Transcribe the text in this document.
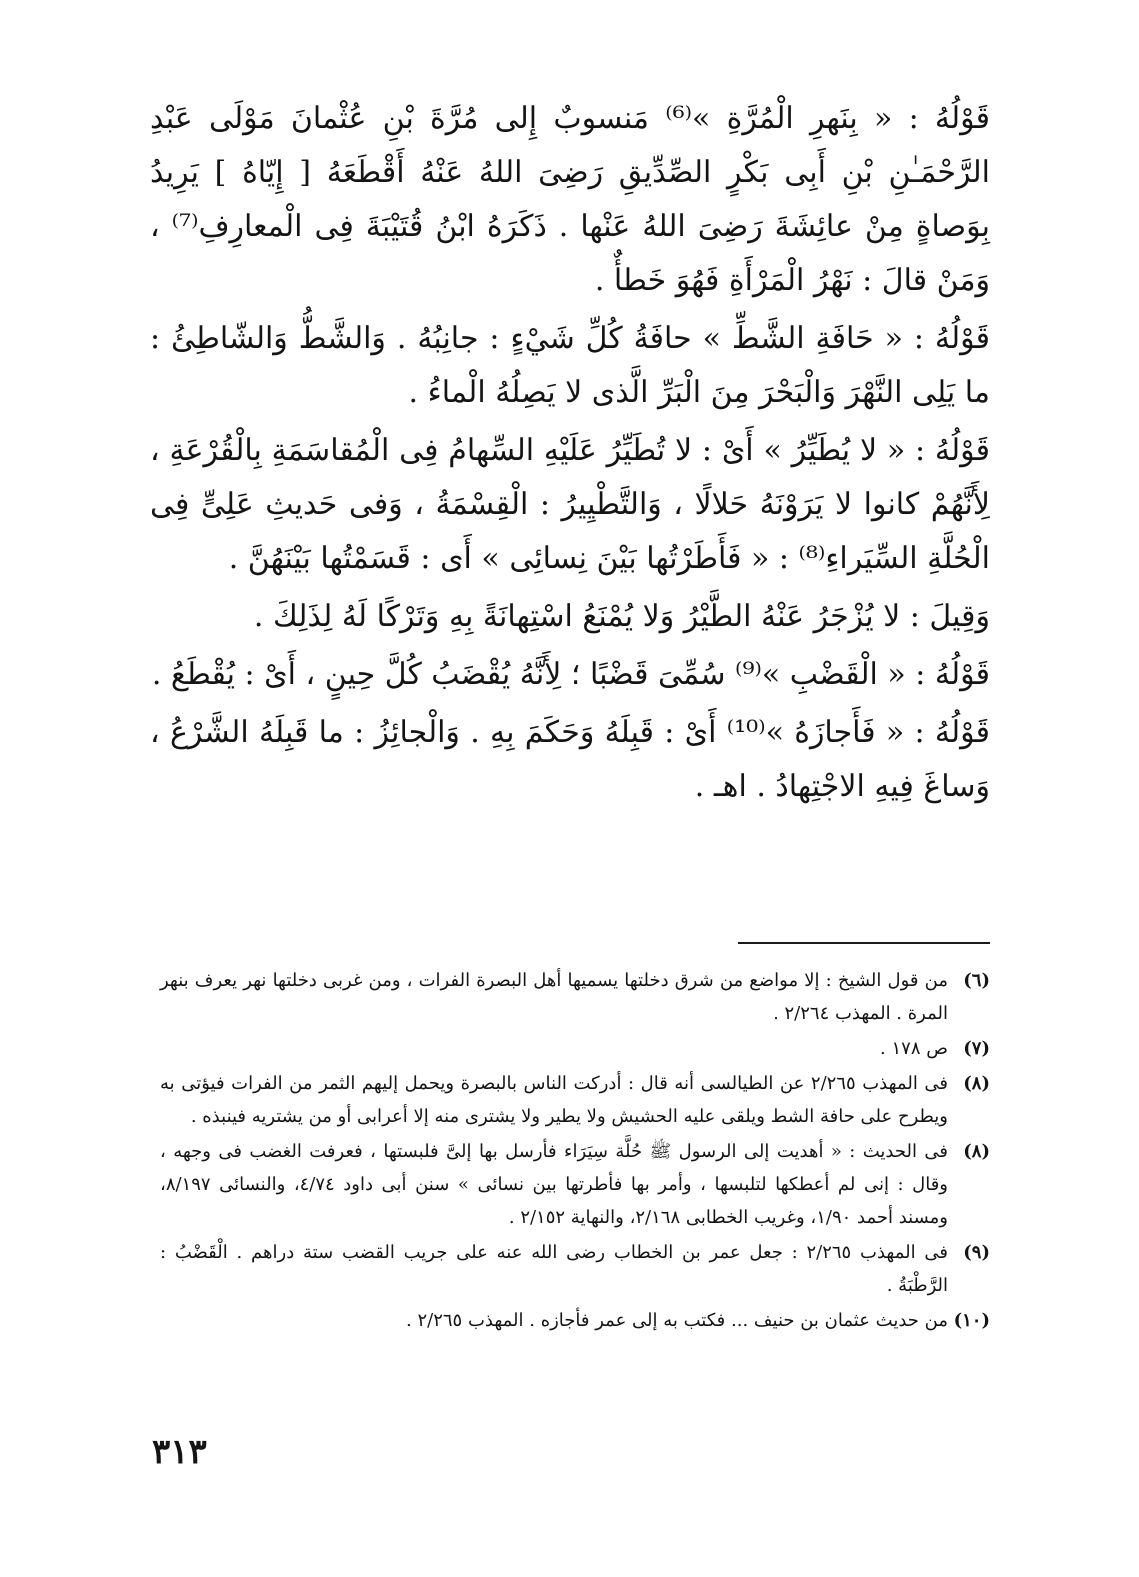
قَوْلُهُ : « بِنَهرِ الْمُرَّةِ »⁽⁶⁾ مَنسوبٌ إِلى مُرَّةَ بْنِ عُثْمانَ مَوْلَى عَبْدِ الرَّحْمَـٰنِ بْنِ أَبِى بَكْرٍ الصِّدِّيقِ رَضِىَ اللهُ عَنْهُ أَقْطَعَهُ [ إِيّاهُ ] يَرِيدُ بِوَصاةٍ مِنْ عائِشَةَ رَضِىَ اللهُ عَنْها . ذَكَرَهُ ابْنُ قُتَيْبَةَ فِى الْمعارِفِ⁽⁷⁾ ، وَمَنْ قالَ : نَهْرُ الْمَرْأَةِ فَهُوَ خَطأٌ .

قَوْلُهُ : « حَافَةِ الشَّطِّ » حافَةُ كُلِّ شَيْءٍ : جانِبُهُ . وَالشَّطُّ وَالشّاطِئُ : ما يَلِى النَّهْرَ وَالْبَحْرَ مِنَ الْبَرِّ الَّذى لا يَصِلُهُ الْماءُ .

قَوْلُهُ : « لا يُطَيِّرُ » أَىْ : لا تُطَيِّرُ عَلَيْهِ السِّهامُ فِى الْمُقاسَمَةِ بِالْقُرْعَةِ ، لِأَنَّهُمْ كانوا لا يَرَوْنَهُ حَلالًا ، وَالتَّطْيِيرُ : الْقِسْمَةُ ، وَفى حَديثِ عَلِىٍّ فِى الْحُلَّةِ السِّيَراءِ⁽⁸⁾ : « فَأَطَرْتُها بَيْنَ نِسائِى » أَى : قَسَمْتُها بَيْنَهُنَّ .

وَقِيلَ : لا يُزْجَرُ عَنْهُ الطَّيْرُ وَلا يُمْنَعُ اسْتِهانَةً بِهِ وَتَرْكًا لَهُ لِذَلِكَ .

قَوْلُهُ : « الْقَضْبِ »⁽⁹⁾ سُمِّىَ قَضْبًا ؛ لِأَنَّهُ يُقْضَبُ كُلَّ حِينٍ ، أَىْ : يُقْطَعُ .

قَوْلُهُ : « فَأَجازَهُ »⁽¹⁰⁾ أَىْ : قَبِلَهُ وَحَكَمَ بِهِ . وَالْجائِزُ : ما قَبِلَهُ الشَّرْعُ ، وَساغَ فِيهِ الاجْتِهادُ . اهـ .

(٦)
من قول الشيخ : إلا مواضع من شرق دخلتها يسميها أهل البصرة الفرات ، ومن غربى دخلتها نهر يعرف بنهر المرة . المهذب ٢/٢٦٤ .
(٧)
ص ١٧٨ .
(٨)
فى المهذب ٢/٢٦٥ عن الطيالسى أنه قال : أدركت الناس بالبصرة ويحمل إليهم الثمر من الفرات فيؤتى به ويطرح على حافة الشط ويلقى عليه الحشيش ولا يطير ولا يشترى منه إلا أعرابى أو من يشتريه فينبذه .
(٨)
فى الحديث : « أهديت إلى الرسول ﷺ حُلَّة سِيَرَاء فأرسل بها إلىَّ فلبستها ، فعرفت الغضب فى وجهه ، وقال : إنى لم أعطكها لتلبسها ، وأمر بها فأطرتها بين نسائى » سنن أبى داود ٤/٧٤، والنسائى ٨/١٩٧، ومسند أحمد ١/٩٠، وغريب الخطابى ٢/١٦٨، والنهاية ٢/١٥٢ .
(٩)
فى المهذب ٢/٢٦٥ : جعل عمر بن الخطاب رضى الله عنه على جريب القضب ستة دراهم . الْقَضْبُ : الرَّطْبَةُ .
(١٠)
من حديث عثمان بن حنيف ... فكتب به إلى عمر فأجازه . المهذب ٢/٢٦٥ .
٣١٣
